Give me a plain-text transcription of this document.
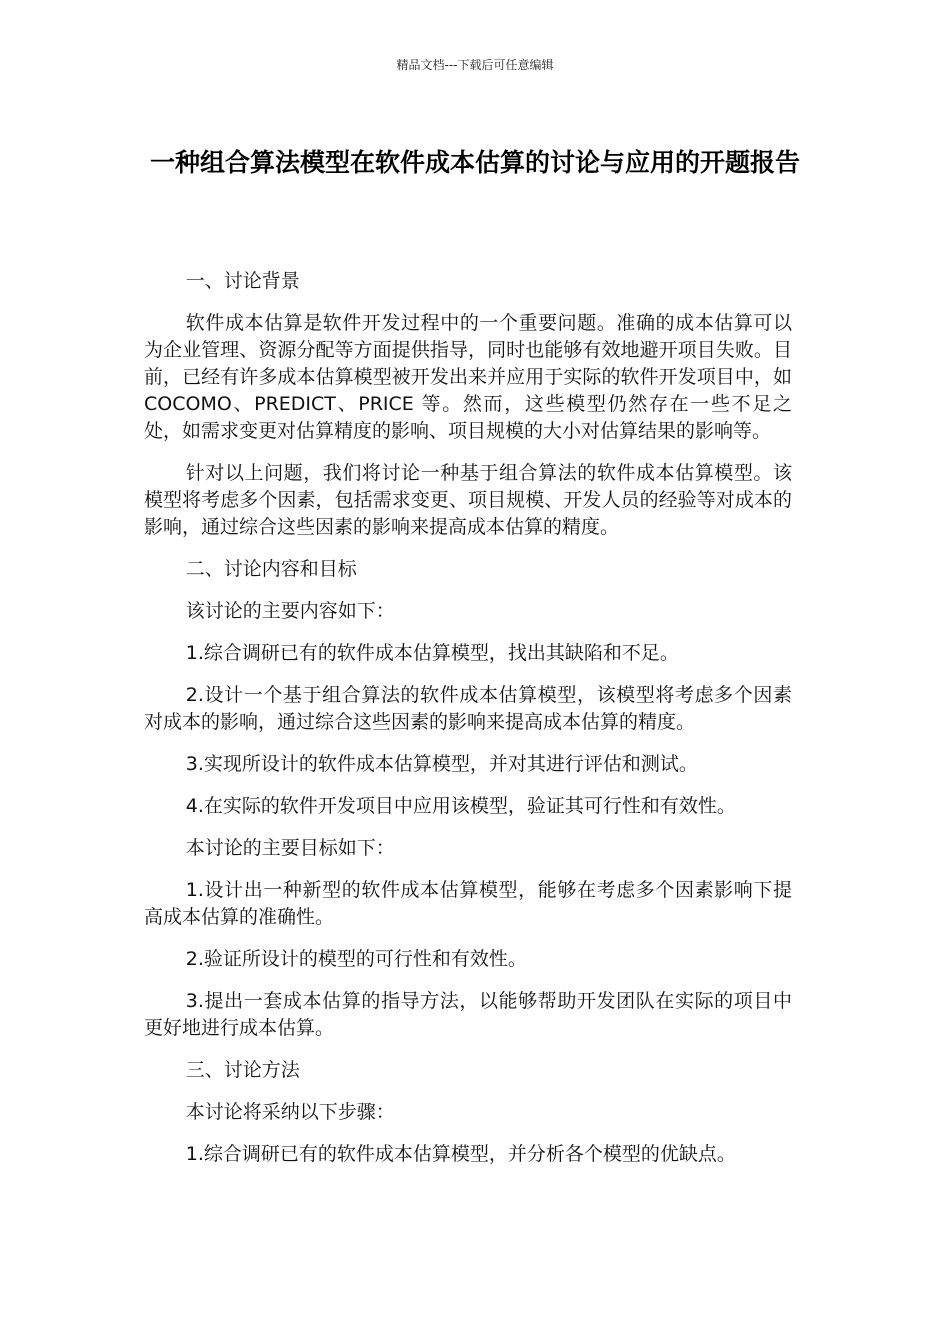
精品文档---下载后可任意编辑
一种组合算法模型在软件成本估算的讨论与应用的开题报告

一、讨论背景

软件成本估算是软件开发过程中的一个重要问题。准确的成本估算可以为企业管理、资源分配等方面提供指导，同时也能够有效地避开项目失败。目前，已经有许多成本估算模型被开发出来并应用于实际的软件开发项目中，如 COCOMO、PREDICT、PRICE 等。然而，这些模型仍然存在一些不足之处，如需求变更对估算精度的影响、项目规模的大小对估算结果的影响等。

针对以上问题，我们将讨论一种基于组合算法的软件成本估算模型。该模型将考虑多个因素，包括需求变更、项目规模、开发人员的经验等对成本的影响，通过综合这些因素的影响来提高成本估算的精度。

二、讨论内容和目标

该讨论的主要内容如下：

1.综合调研已有的软件成本估算模型，找出其缺陷和不足。

2.设计一个基于组合算法的软件成本估算模型，该模型将考虑多个因素对成本的影响，通过综合这些因素的影响来提高成本估算的精度。

3.实现所设计的软件成本估算模型，并对其进行评估和测试。

4.在实际的软件开发项目中应用该模型，验证其可行性和有效性。

本讨论的主要目标如下：

1.设计出一种新型的软件成本估算模型，能够在考虑多个因素影响下提高成本估算的准确性。

2.验证所设计的模型的可行性和有效性。

3.提出一套成本估算的指导方法，以能够帮助开发团队在实际的项目中更好地进行成本估算。

三、讨论方法

本讨论将采纳以下步骤：

1.综合调研已有的软件成本估算模型，并分析各个模型的优缺点。
